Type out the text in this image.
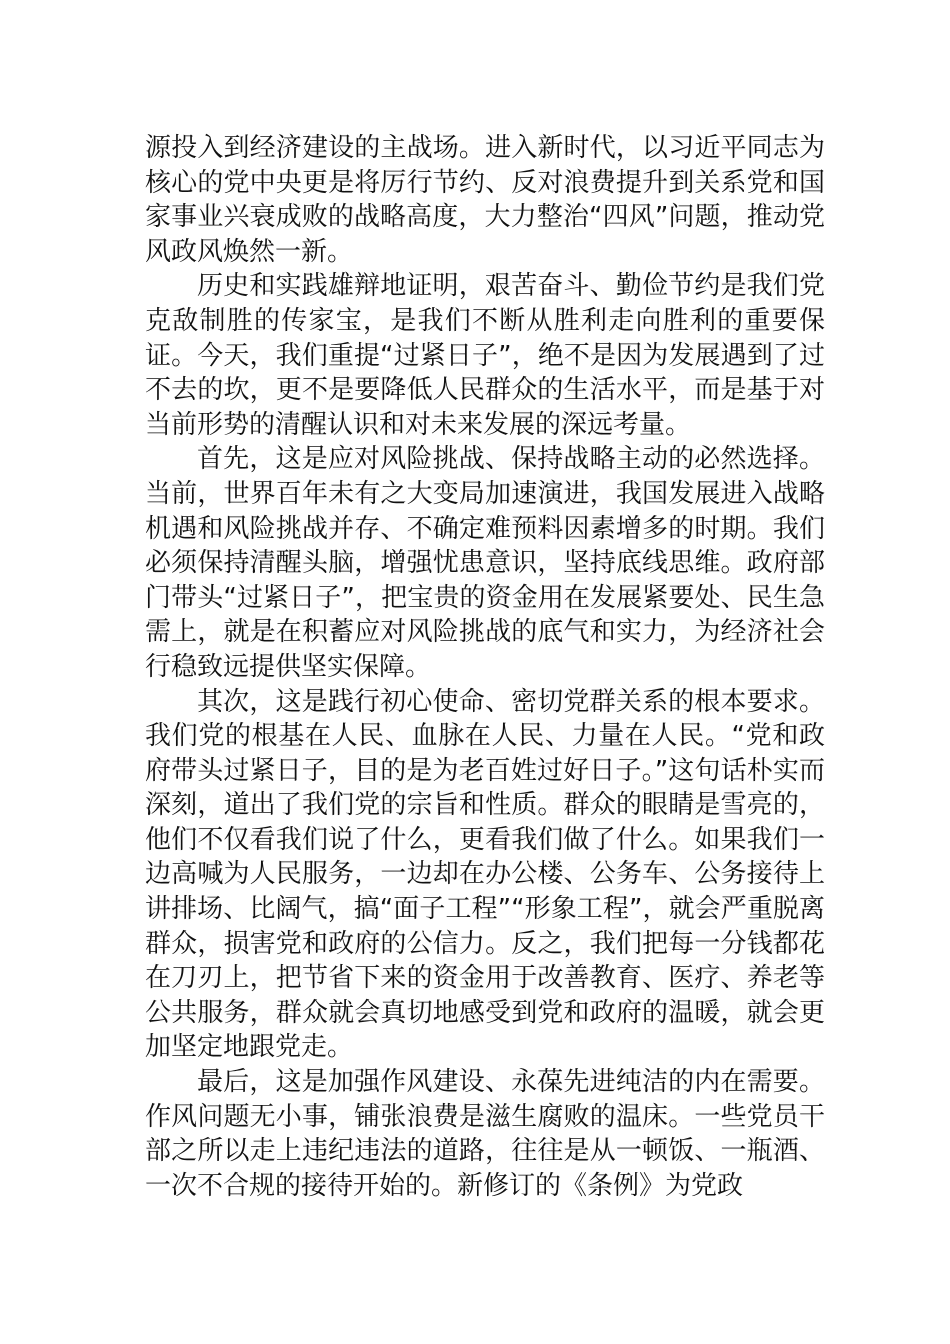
源投入到经济建设的主战场。进入新时代，以习近平同志为核心的党中央更是将厉行节约、反对浪费提升到关系党和国家事业兴衰成败的战略高度，大力整治“四风”问题，推动党风政风焕然一新。

历史和实践雄辩地证明，艰苦奋斗、勤俭节约是我们党克敌制胜的传家宝，是我们不断从胜利走向胜利的重要保证。今天，我们重提“过紧日子”，绝不是因为发展遇到了过不去的坎，更不是要降低人民群众的生活水平，而是基于对当前形势的清醒认识和对未来发展的深远考量。

首先，这是应对风险挑战、保持战略主动的必然选择。当前，世界百年未有之大变局加速演进，我国发展进入战略机遇和风险挑战并存、不确定难预料因素增多的时期。我们必须保持清醒头脑，增强忧患意识，坚持底线思维。政府部门带头“过紧日子”，把宝贵的资金用在发展紧要处、民生急需上，就是在积蓄应对风险挑战的底气和实力，为经济社会行稳致远提供坚实保障。

其次，这是践行初心使命、密切党群关系的根本要求。我们党的根基在人民、血脉在人民、力量在人民。“党和政府带头过紧日子，目的是为老百姓过好日子。”这句话朴实而深刻，道出了我们党的宗旨和性质。群众的眼睛是雪亮的，他们不仅看我们说了什么，更看我们做了什么。如果我们一边高喊为人民服务，一边却在办公楼、公务车、公务接待上讲排场、比阔气，搞“面子工程”“形象工程”，就会严重脱离群众，损害党和政府的公信力。反之，我们把每一分钱都花在刀刃上，把节省下来的资金用于改善教育、医疗、养老等公共服务，群众就会真切地感受到党和政府的温暖，就会更加坚定地跟党走。

最后，这是加强作风建设、永葆先进纯洁的内在需要。作风问题无小事，铺张浪费是滋生腐败的温床。一些党员干部之所以走上违纪违法的道路，往往是从一顿饭、一瓶酒、一次不合规的接待开始的。新修订的《条例》为党政
